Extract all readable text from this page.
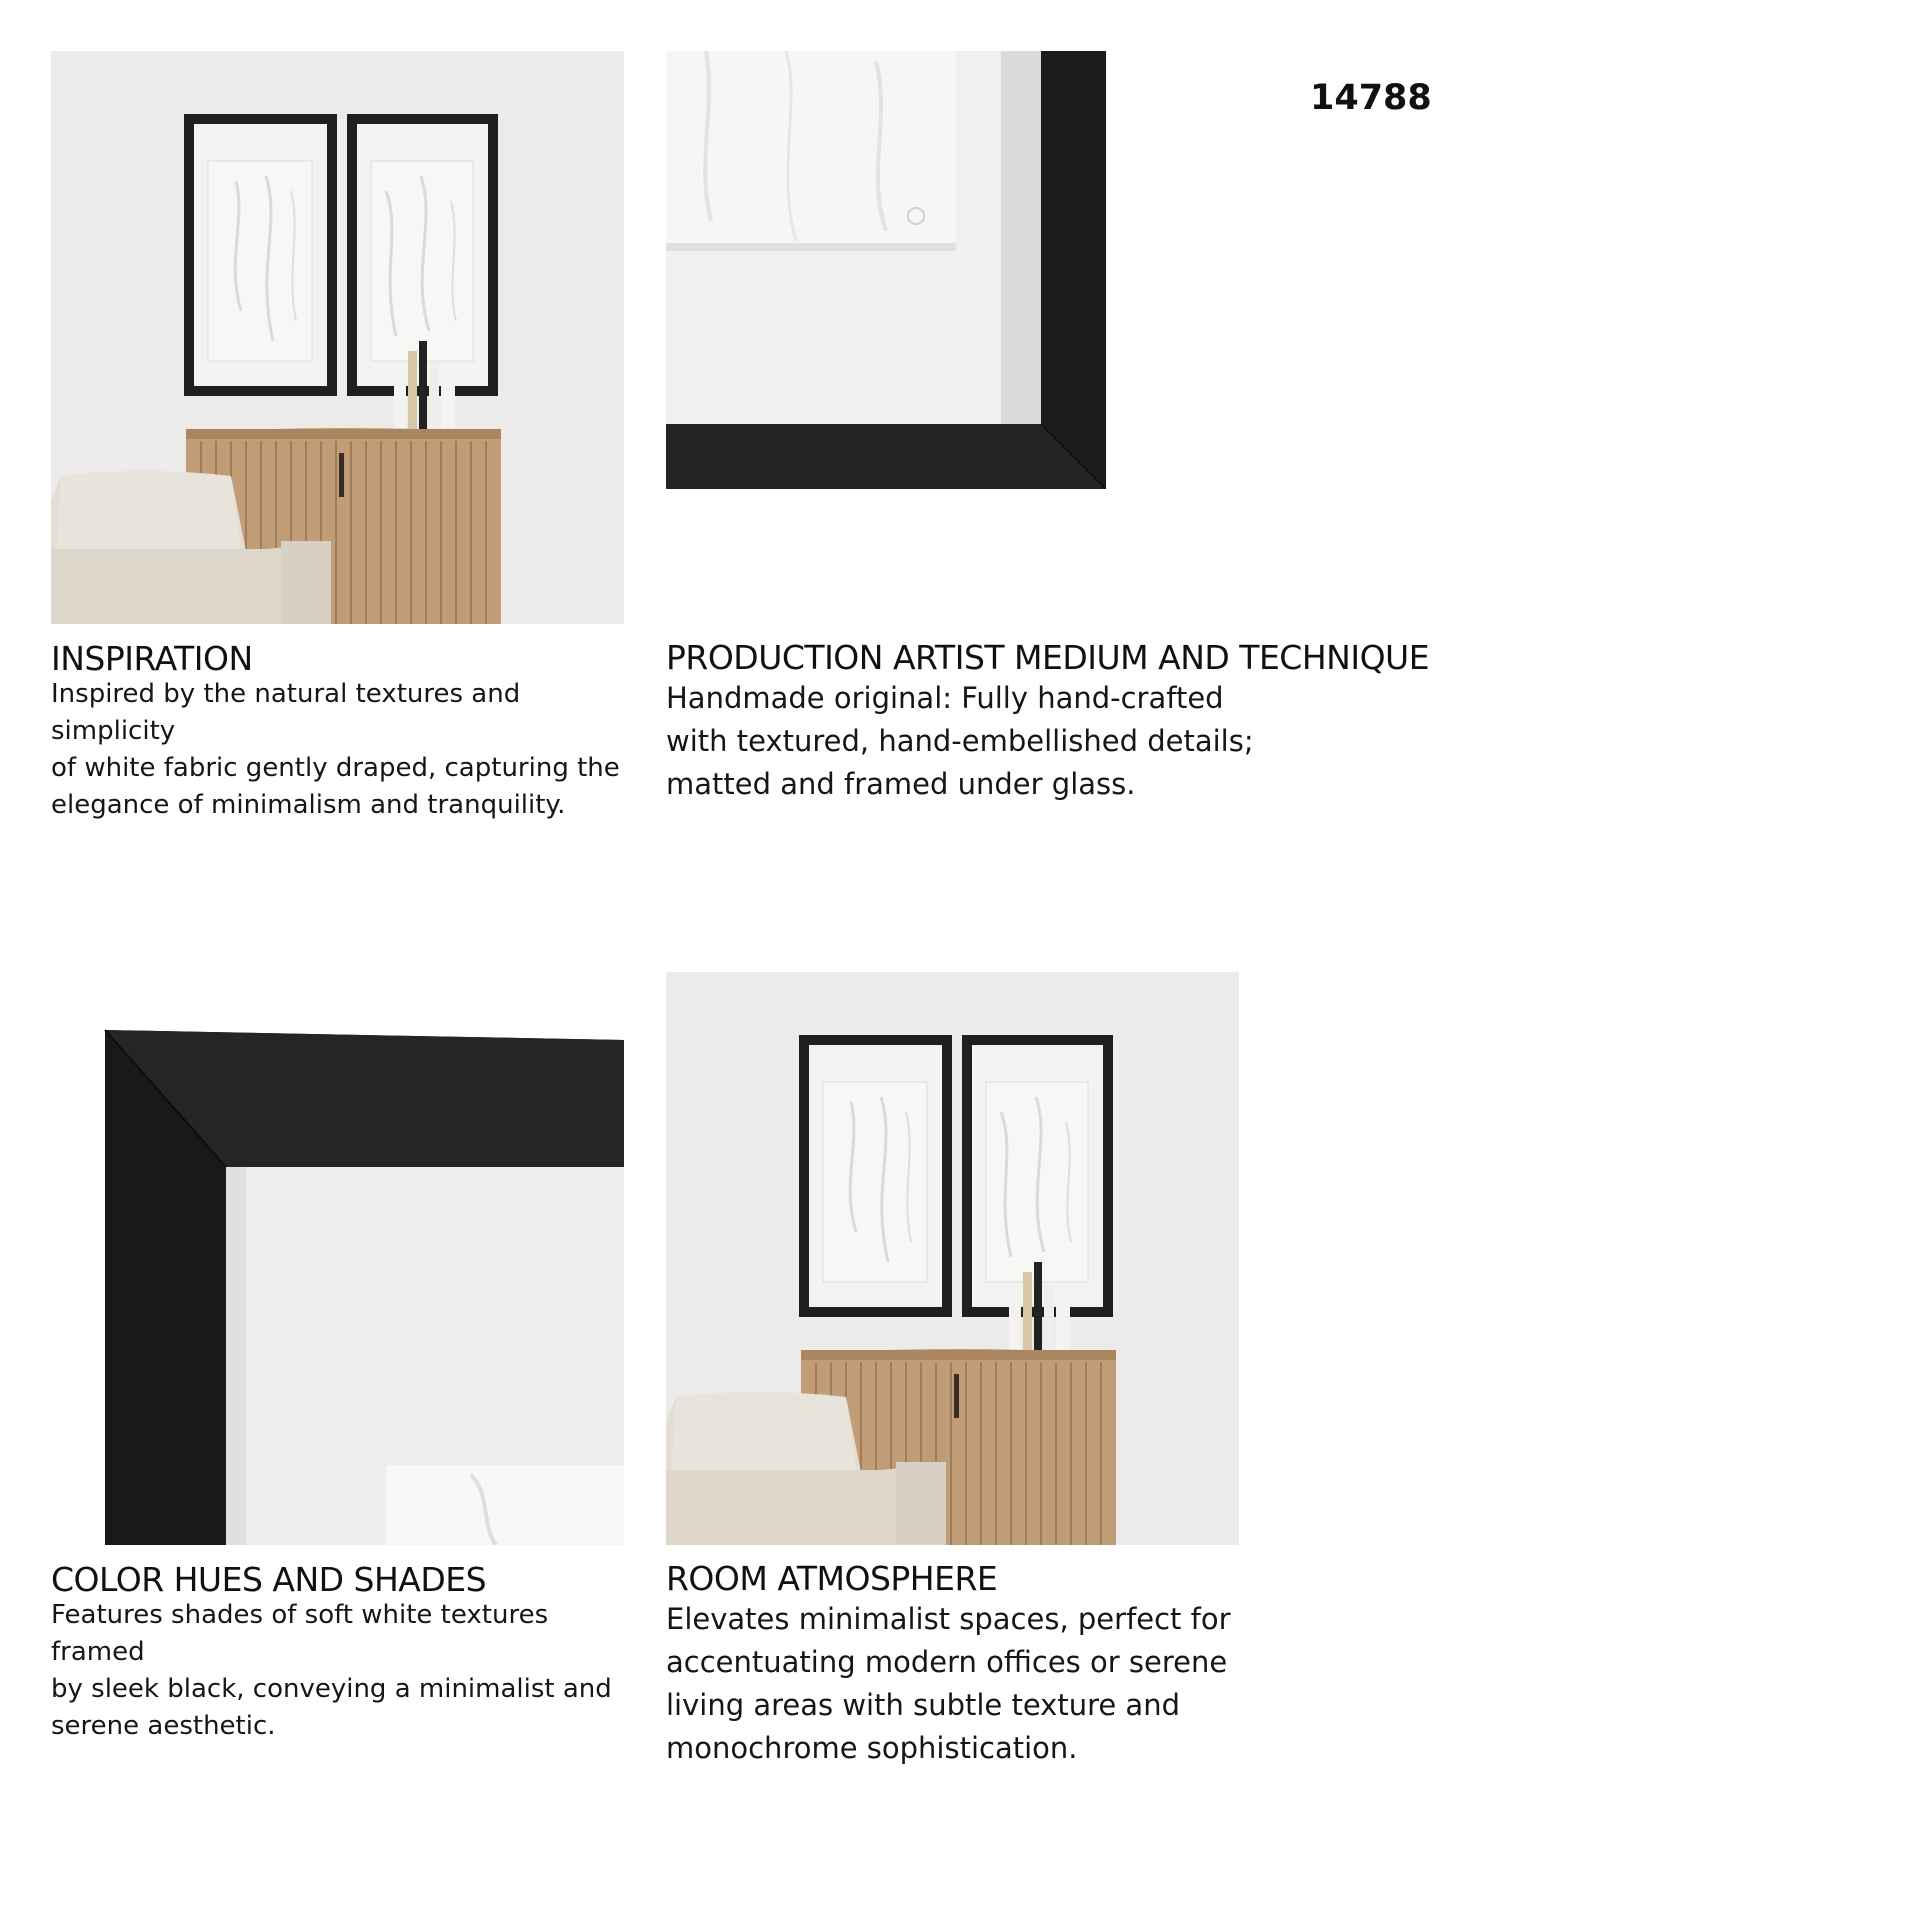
14788
INSPIRATION
Inspired by the natural textures and simplicity
of white fabric gently draped, capturing the
elegance of minimalism and tranquility.
PRODUCTION ARTIST MEDIUM AND TECHNIQUE
Handmade original: Fully hand-crafted
with textured, hand-embellished details;
matted and framed under glass.
COLOR HUES AND SHADES
Features shades of soft white textures framed
by sleek black, conveying a minimalist and
serene aesthetic.
ROOM ATMOSPHERE
Elevates minimalist spaces, perfect for
accentuating modern offices or serene
living areas with subtle texture and
monochrome sophistication.
